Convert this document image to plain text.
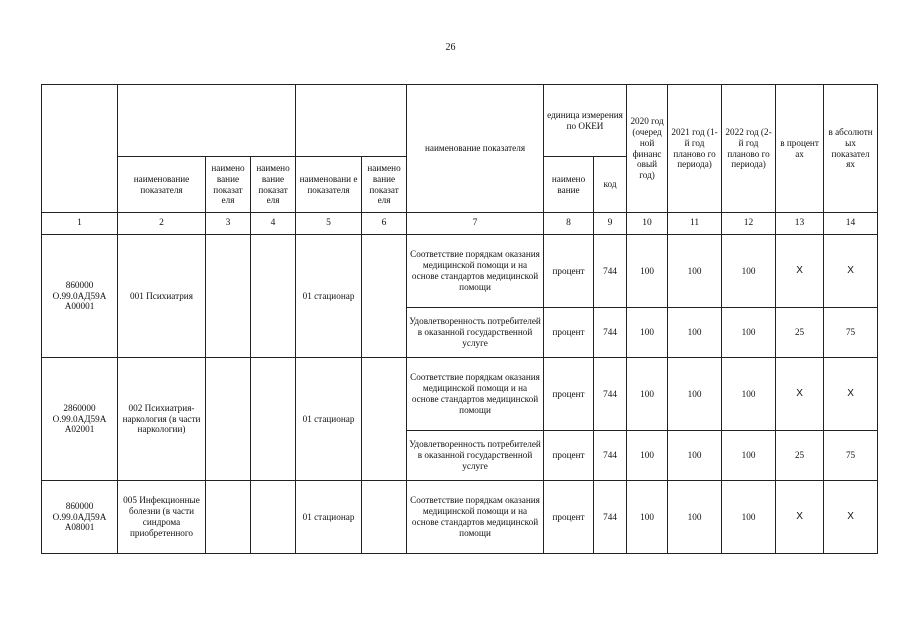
26
						наименование показателя	единица измерения по ОКЕИ		2020 год (очеред ной финанс овый год)	2021 год (1-й год планово го периода)	2022 год (2-й год планово го периода)	в процент ах	в абсолютн ых показател ях
	наименование показателя	наимено вание показат еля	наимено вание показат еля	наименовани е показателя	наимено вание показат еля		наимено вание	код					
1	2	3	4	5	6	7	8	9	10	11	12	13	14
860000 О.99.0АД59А А00001	001 Психиатрия			01 стационар		Соответствие порядкам оказания медицинской помощи и на основе стандартов медицинской помощи	процент	744	100	100	100	X	X
						Удовлетворенность потребителей в оказанной государственной услуге	процент	744	100	100	100	25	75
2860000 О.99.0АД59А А02001	002 Психиатрия-наркология (в части наркологии)			01 стационар		Соответствие порядкам оказания медицинской помощи и на основе стандартов медицинской помощи	процент	744	100	100	100	X	X
						Удовлетворенность потребителей в оказанной государственной услуге	процент	744	100	100	100	25	75
860000 О.99.0АД59А А08001	005 Инфекционные болезни (в части синдрома приобретенного			01 стационар		Соответствие порядкам оказания медицинской помощи и на основе стандартов медицинской помощи	процент	744	100	100	100	X	X
